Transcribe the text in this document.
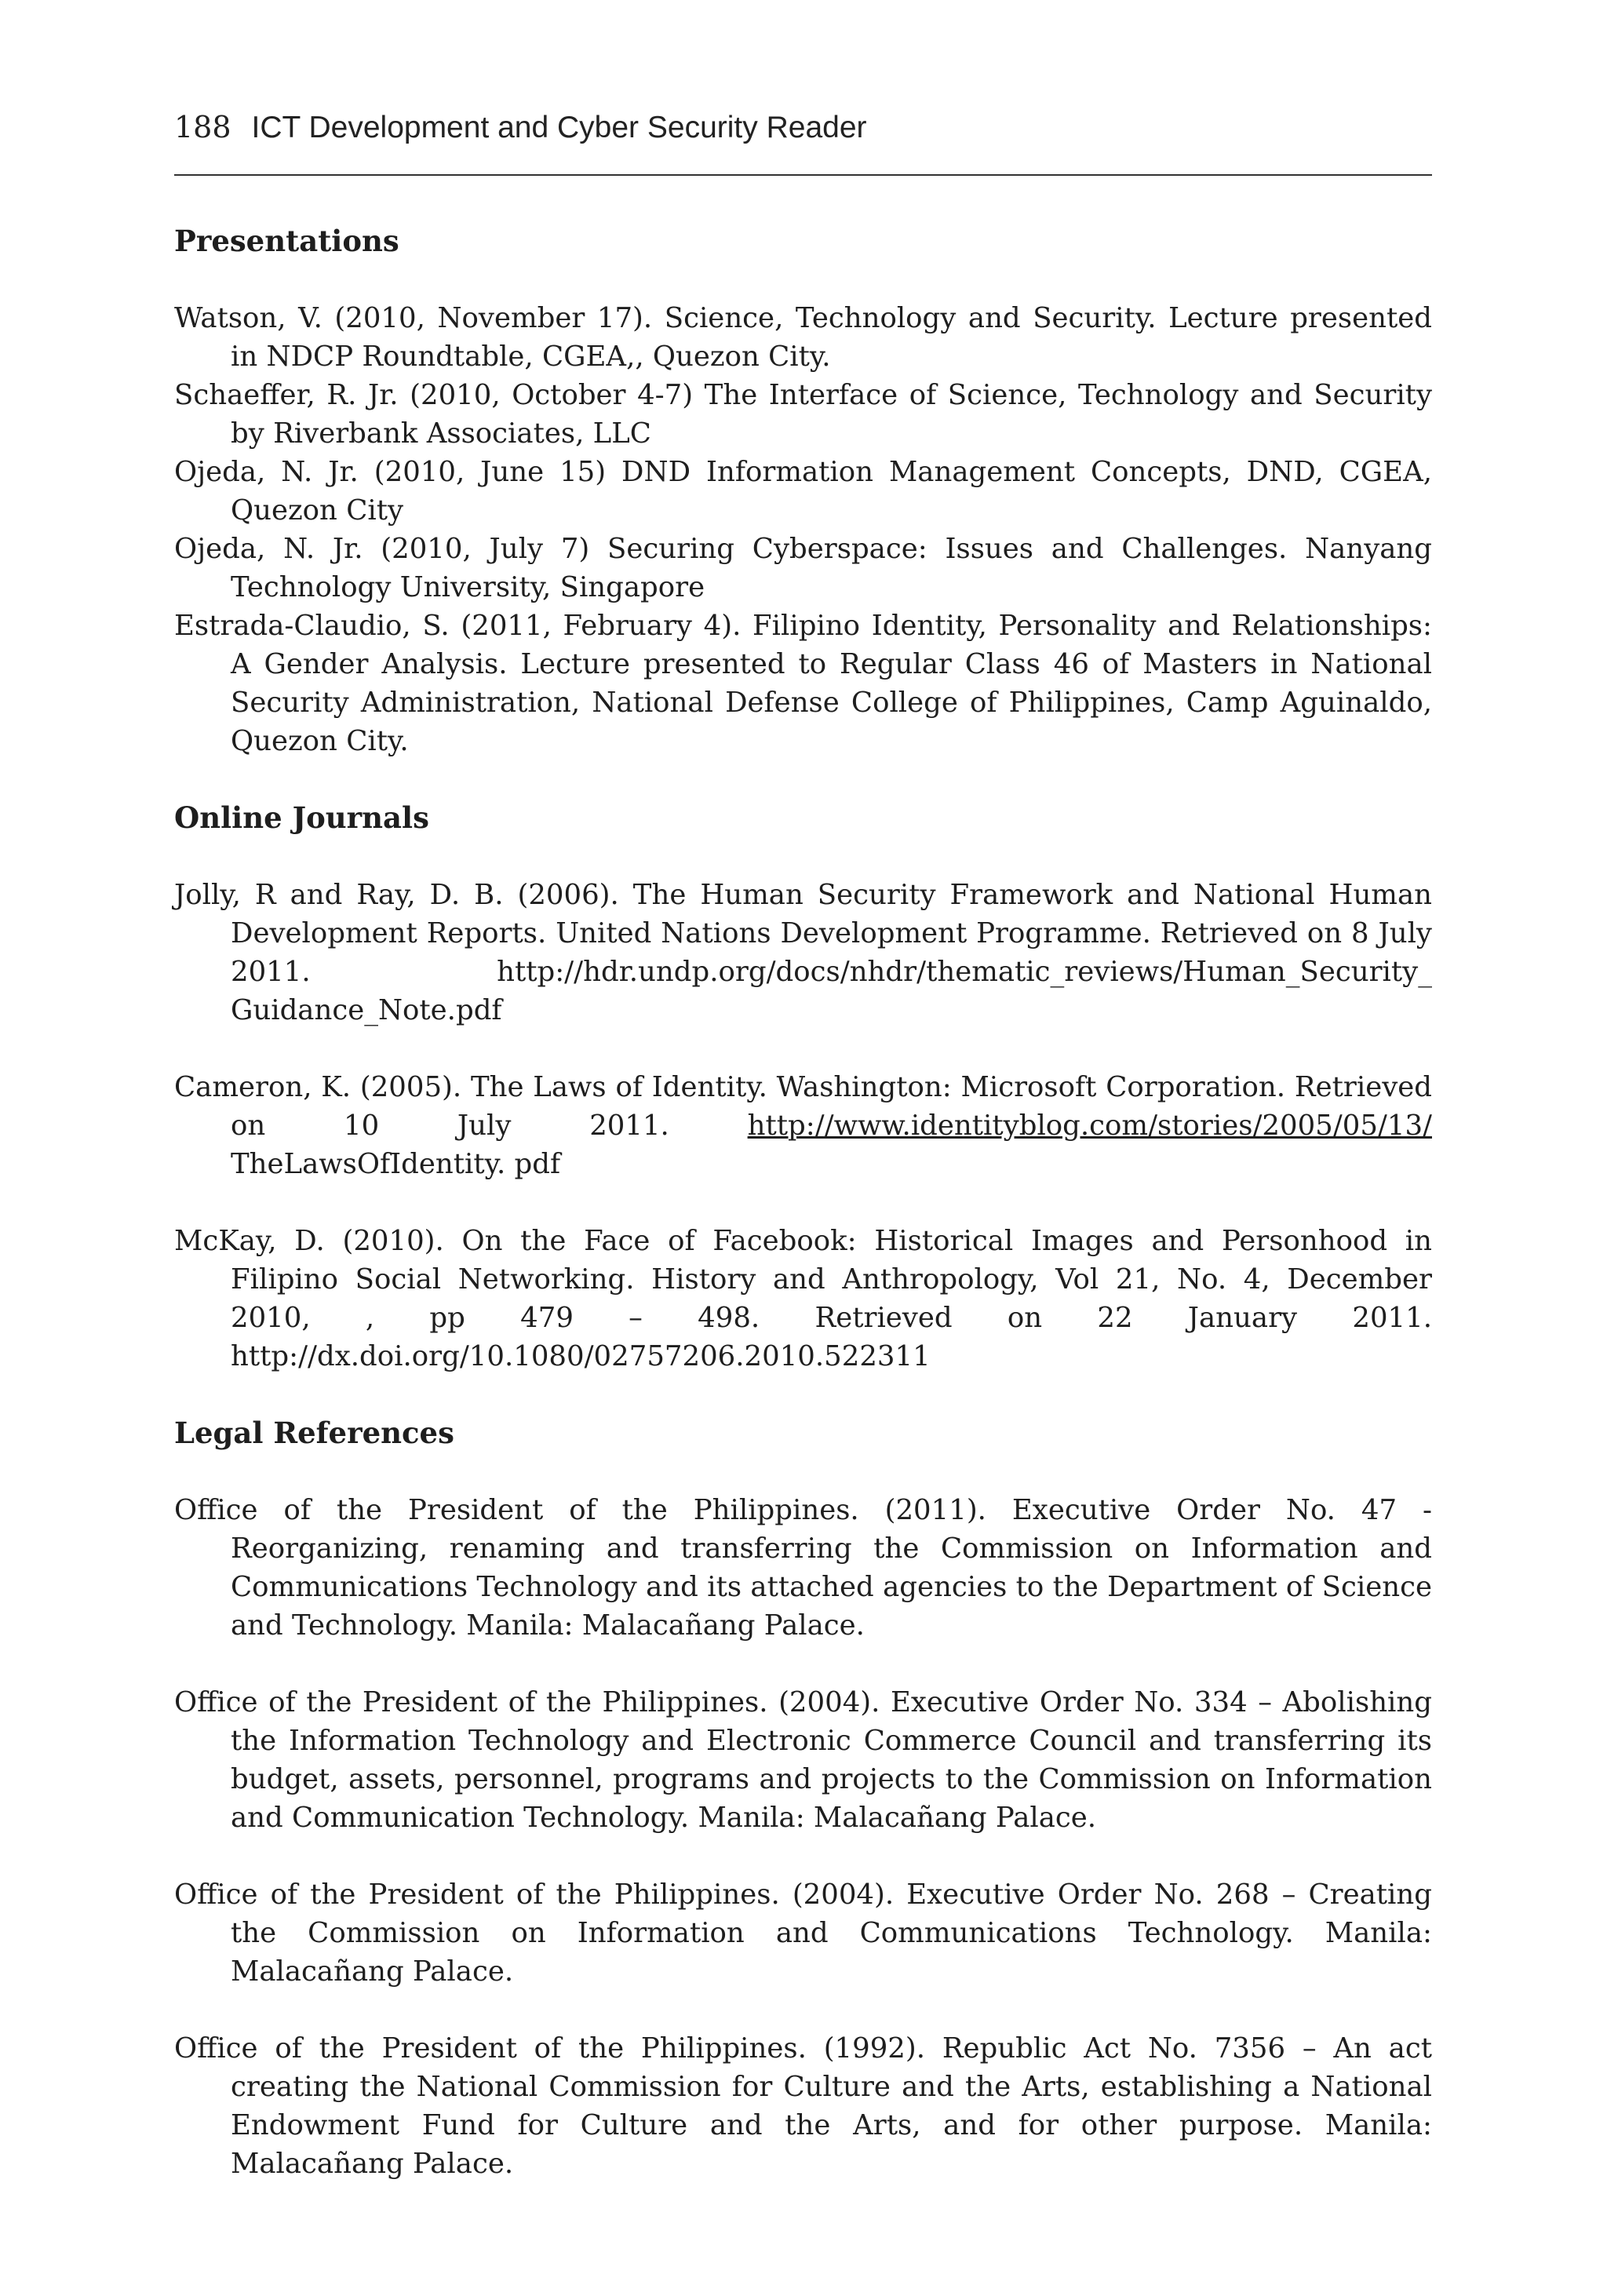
188 ICT Development and Cyber Security Reader
Presentations

Watson, V. (2010, November 17). Science, Technology and Security. Lecture presented in NDCP Roundtable, CGEA,, Quezon City.

Schaeffer, R. Jr. (2010, October 4-7) The Interface of Science, Technology and Security by Riverbank Associates, LLC

Ojeda, N. Jr. (2010, June 15) DND Information Management Concepts, DND, CGEA, Quezon City

Ojeda, N. Jr. (2010, July 7) Securing Cyberspace: Issues and Challenges. Nanyang Technology University, Singapore

Estrada-Claudio, S. (2011, February 4). Filipino Identity, Personality and Relationships: A Gender Analysis. Lecture presented to Regular Class 46 of Masters in National Security Administration, National Defense College of Philippines, Camp Aguinaldo, Quezon City.

Online Journals

Jolly, R and Ray, D. B. (2006). The Human Security Framework and National Human Development Reports. United Nations Development Programme. Retrieved on 8 July 2011. http://hdr.undp.org/docs/nhdr/thematic_reviews/Human_Security_ Guidance_Note.pdf

Cameron, K. (2005). The Laws of Identity. Washington: Microsoft Corporation. Retrieved on 10 July 2011. http://www.identityblog.com/stories/2005/05/13/ TheLawsOfIdentity. pdf

McKay, D. (2010). On the Face of Facebook: Historical Images and Personhood in Filipino Social Networking. History and Anthropology, Vol 21, No. 4, December 2010, , pp 479 – 498. Retrieved on 22 January 2011. http://dx.doi.org/10.1080/02757206.2010.522311

Legal References

Office of the President of the Philippines. (2011). Executive Order No. 47 - Reorganizing, renaming and transferring the Commission on Information and Communications Technology and its attached agencies to the Department of Science and Technology. Manila: Malacañang Palace.

Office of the President of the Philippines. (2004). Executive Order No. 334 – Abolishing the Information Technology and Electronic Commerce Council and transferring its budget, assets, personnel, programs and projects to the Commission on Information and Communication Technology. Manila: Malacañang Palace.

Office of the President of the Philippines. (2004). Executive Order No. 268 – Creating the Commission on Information and Communications Technology. Manila: Malacañang Palace.

Office of the President of the Philippines. (1992). Republic Act No. 7356 – An act creating the National Commission for Culture and the Arts, establishing a National Endowment Fund for Culture and the Arts, and for other purpose. Manila: Malacañang Palace.
